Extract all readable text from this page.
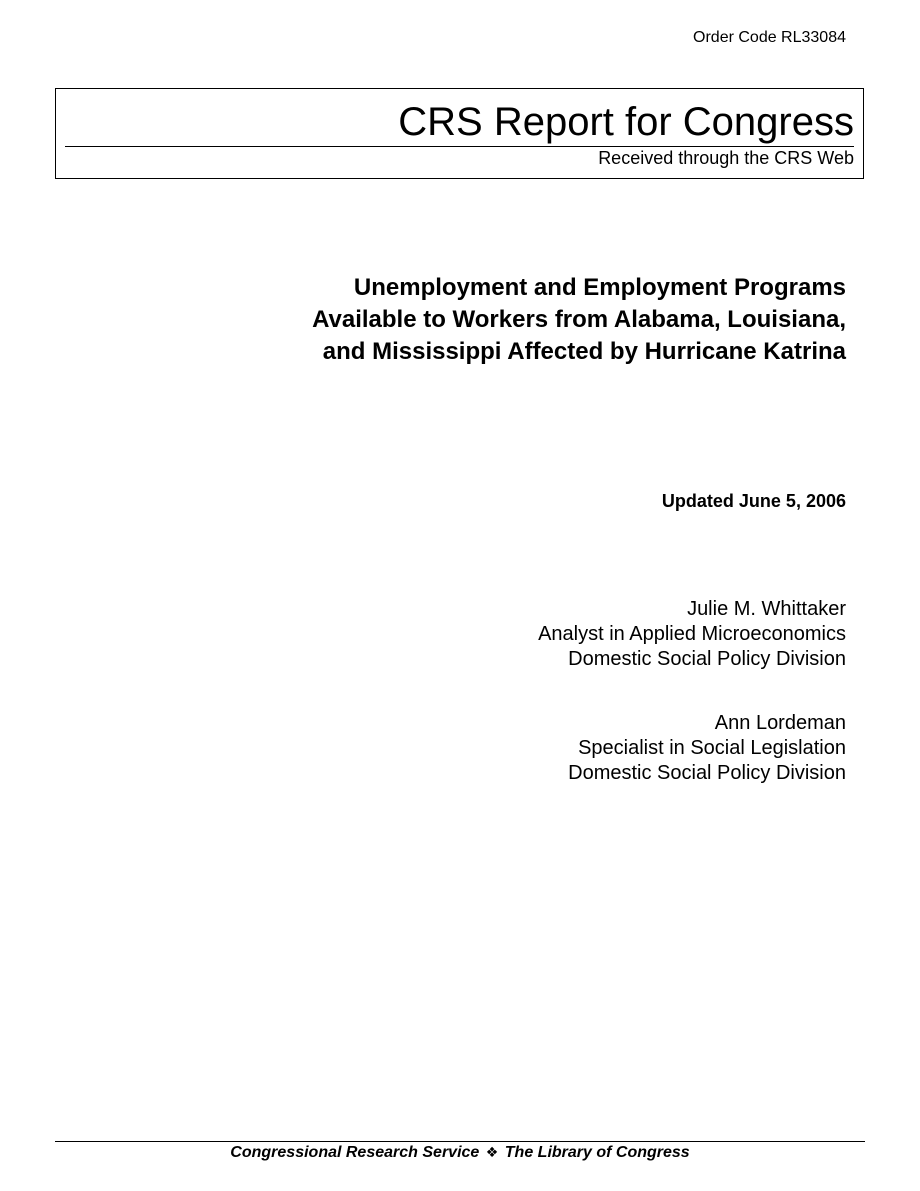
Order Code RL33084
CRS Report for Congress
Received through the CRS Web
Unemployment and Employment Programs
Available to Workers from Alabama, Louisiana,
and Mississippi Affected by Hurricane Katrina
Updated June 5, 2006
Julie M. Whittaker
Analyst in Applied Microeconomics
Domestic Social Policy Division
Ann Lordeman
Specialist in Social Legislation
Domestic Social Policy Division
Congressional Research Service ❖ The Library of Congress
